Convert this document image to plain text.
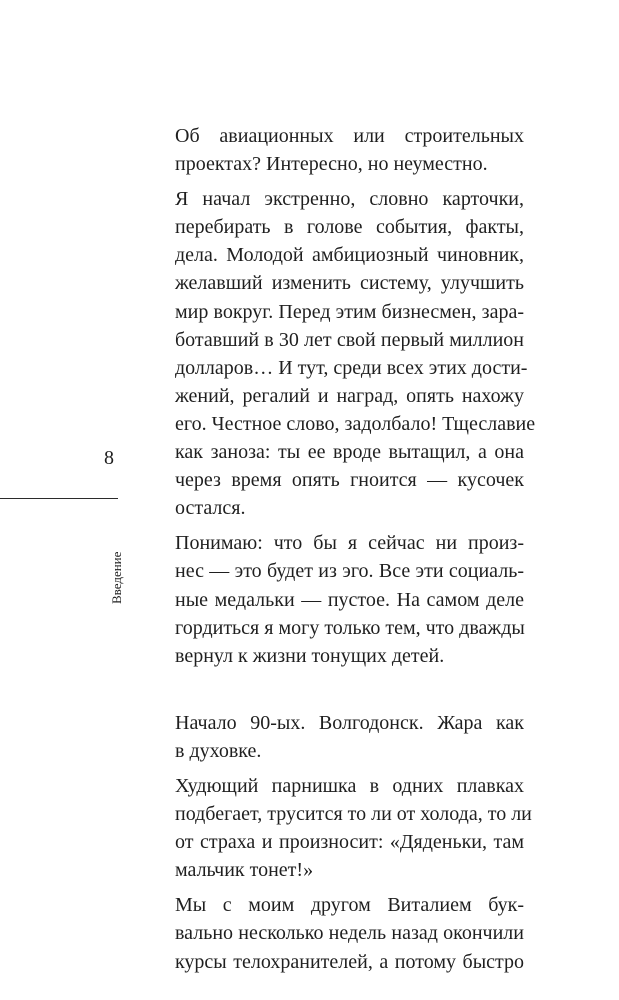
Об авиационных или строительных
проектах? Интересно, но неуместно.

Я начал экстренно, словно карточки,
перебирать в голове события, факты,
дела. Молодой амбициозный чиновник,
желавший изменить систему, улучшить
мир вокруг. Перед этим бизнесмен, зара-
ботавший в 30 лет свой первый миллион
долларов… И тут, среди всех этих дости-
жений, регалий и наград, опять нахожу
его. Честное слово, задолбало! Тщеславие
как заноза: ты ее вроде вытащил, а она
через время опять гноится — кусочек
остался.

Понимаю: что бы я сейчас ни произ-
нес — это будет из эго. Все эти социаль-
ные медальки — пустое. На самом деле
гордиться я могу только тем, что дважды
вернул к жизни тонущих детей.

Начало 90-ых. Волгодонск. Жара как
в духовке.

Худющий парнишка в одних плавках
подбегает, трусится то ли от холода, то ли
от страха и произносит: «Дяденьки, там
мальчик тонет!»

Мы с моим другом Виталием бук-
вально несколько недель назад окончили
курсы телохранителей, а потому быстро

8
Введение
